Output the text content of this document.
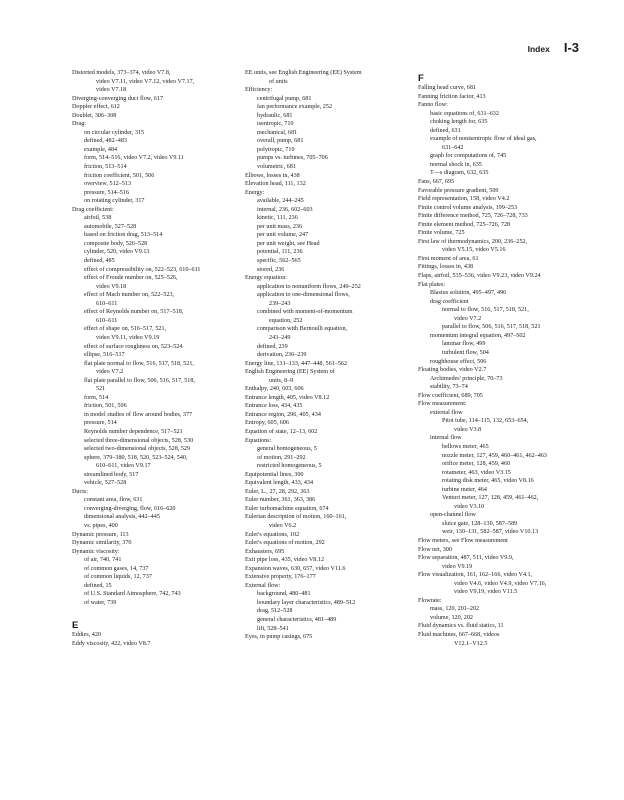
Index I-3
Distorted models, 373–374, video V7.8,
video V7.11, video V7.12, video V7.17,
video V7.18
Diverging-converging duct flow, 617
Doppler effect, 612
Doublet, 306–308
Drag:
on circular cylinder, 315
defined, 482–483
example, 484
form, 514–516, video V7.2, video V9.11
friction, 513–514
friction coefficient, 501, 506
overview, 512–513
pressure, 514–516
on rotating cylinder, 317
Drag coefficient:
airfoil, 538
automobile, 527–528
based on friction drag, 513–514
composite body, 526–528
cylinder, 520, video V9.13
defined, 485
effect of compressibility on, 522–523, 610–611
effect of Froude number on, 525–526,
video V9.18
effect of Mach number on, 522–523,
610–611
effect of Reynolds number on, 517–518,
610–611
effect of shape on, 516–517, 521,
video V9.11, video V9.19
effect of surface roughness on, 523–524
ellipse, 516–517
flat plate normal to flow, 516, 517, 518, 521,
video V7.2
flat plate parallel to flow, 506, 516, 517, 518,
521
form, 514
friction, 501, 506
in model studies of flow around bodies, 377
pressure, 514
Reynolds number dependence, 517–521
selected three-dimensional objects, 528, 530
selected two-dimensional objects, 528, 529
sphere, 379–380, 518, 520, 523–524, 540,
610–611, video V9.17
streamlined body, 517
vehicle, 527–528
Ducts:
constant area, flow, 631
converging-diverging, flow, 616–620
dimensional analysis, 442–445
vs. pipes, 400
Dynamic pressure, 113
Dynamic similarity, 370
Dynamic viscosity:
of air, 740, 741
of common gases, 14, 737
of common liquids, 12, 737
defined, 15
of U.S. Standard Atmosphere, 742, 743
of water, 739
E
Eddies, 420
Eddy viscosity, 422, video V8.7
EE units, see English Engineering (EE) System
of units
Efficiency:
centrifugal pump, 681
fan performance example, 252
hydraulic, 681
isentropic, 710
mechanical, 681
overall, pump, 681
polytropic, 710
pumps vs. turbines, 705–706
volumetric, 681
Elbows, losses in, 438
Elevation head, 111, 132
Energy:
available, 244–245
internal, 236, 602–603
kinetic, 111, 236
per unit mass, 236
per unit volume, 247
per unit weight, see Head
potential, 111, 236
specific, 562–565
stored, 236
Energy equation:
application to nonuniform flows, 249–252
application to one-dimensional flows,
239–243
combined with moment-of-momentum
equation, 252
comparison with Bernoulli equation,
243–249
defined, 239
derivation, 236–239
Energy line, 131–133, 447–448, 561–562
English Engineering (EE) System of
units, 8–9
Enthalpy, 240, 603, 606
Entrance length, 405, video V8.12
Entrance loss, 434, 435
Entrance region, 296, 405, 434
Entropy, 605, 606
Equation of state, 12–13, 602
Equations:
general homogeneous, 5
of motion, 291–292
restricted homogeneous, 5
Equipotential lines, 300
Equivalent length, 433, 434
Euler, L., 27, 28, 292, 363
Euler number, 361, 363, 386
Euler turbomachine equation, 674
Eulerian description of motion, 160–161,
video V6.2
Euler's equations, 102
Euler's equations of motion, 292
Exhausters, 695
Exit pipe loss, 435, video V8.12
Expansion waves, 630, 657, video V11.6
Extensive property, 176–177
External flow:
background, 480–481
boundary layer characteristics, 489–512
drag, 512–528
general characteristics, 481–489
lift, 528–541
Eyes, in pump casings, 675
F
Falling head curve, 681
Fanning friction factor, 413
Fanno flow:
basic equations of, 631–632
choking length for, 635
defined, 631
example of nonisentropic flow of ideal gas,
631–642
graph for computations of, 745
normal shock in, 635
T—s diagram, 632, 635
Fans, 667, 695
Favorable pressure gradient, 509
Field representation, 158, video V4.2
Finite control volume analysis, 199–253
Finite difference method, 725, 726–728, 733
Finite element method, 725–726, 728
Finite volume, 725
First law of thermodynamics, 200, 236–252,
video V5.15, video V5.16
First moment of area, 61
Fittings, losses in, 438
Flaps, airfoil, 535–536, video V9.23, video V9.24
Flat plates:
Blasius solution, 495–497, 496
drag coefficient
normal to flow, 516, 517, 518, 521,
video V7.2
parallel to flow, 506, 516, 517, 518, 521
momentum integral equation, 497–502
laminar flow, 499
turbulent flow, 504
roughhouse effect, 506
Floating bodies, video V2.7
Archimedes' principle, 70–73
stability, 73–74
Flow coefficient, 689, 705
Flow measurement:
external flow
Pitot tube, 114–115, 132, 653–654,
video V3.8
internal flow
bellows meter, 465
nozzle meter, 127, 459, 460–461, 462–463
orifice meter, 128, 459, 460
rotameter, 463, video V3.15
rotating disk meter, 465, video V8.16
turbine meter, 464
Venturi meter, 127, 128, 459, 461–462,
video V3.10
open-channel flow
sluice gate, 128–130, 587–589
weir, 130–131, 582–587, video V10.13
Flow meters, see Flow measurement
Flow net, 300
Flow separation, 487, 511, video V9.9,
video V9.19
Flow visualization, 161, 162–166, video V4.1,
video V4.6, video V4.9, video V7.16,
video V9.19, video V11.5
Flowrate:
mass, 120, 201–202
volume, 120, 202
Fluid dynamics vs. fluid statics, 11
Fluid machines, 667–668, videos
V12.1–V12.5
